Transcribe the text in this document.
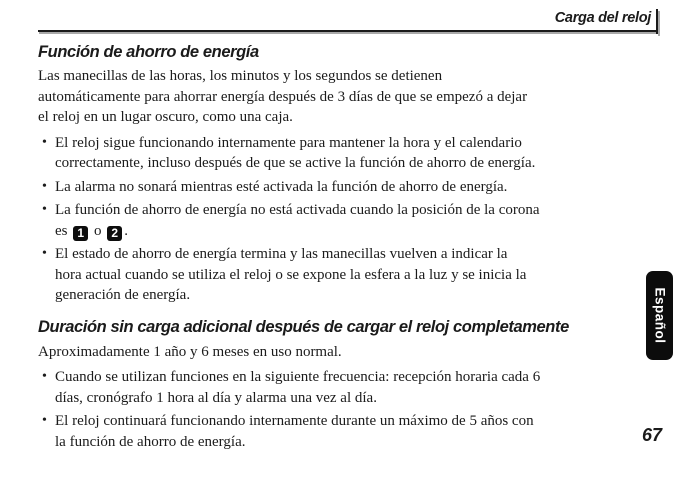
Carga del reloj
Función de ahorro de energía
Las manecillas de las horas, los minutos y los segundos se detienen
automáticamente para ahorrar energía después de 3 días de que se empezó a dejar
el reloj en un lugar oscuro, como una caja.
• El reloj sigue funcionando internamente para mantener la hora y el calendario
correctamente, incluso después de que se active la función de ahorro de energía.
• La alarma no sonará mientras esté activada la función de ahorro de energía.
• La función de ahorro de energía no está activada cuando la posición de la corona
es 1 o 2 .
• El estado de ahorro de energía termina y las manecillas vuelven a indicar la
hora actual cuando se utiliza el reloj o se expone la esfera a la luz y se inicia la
generación de energía.
Duración sin carga adicional después de cargar el reloj completamente
Aproximadamente 1 año y 6 meses en uso normal.
• Cuando se utilizan funciones en la siguiente frecuencia: recepción horaria cada 6
días, cronógrafo 1 hora al día y alarma una vez al día.
• El reloj continuará funcionando internamente durante un máximo de 5 años con
la función de ahorro de energía.
Español
67
